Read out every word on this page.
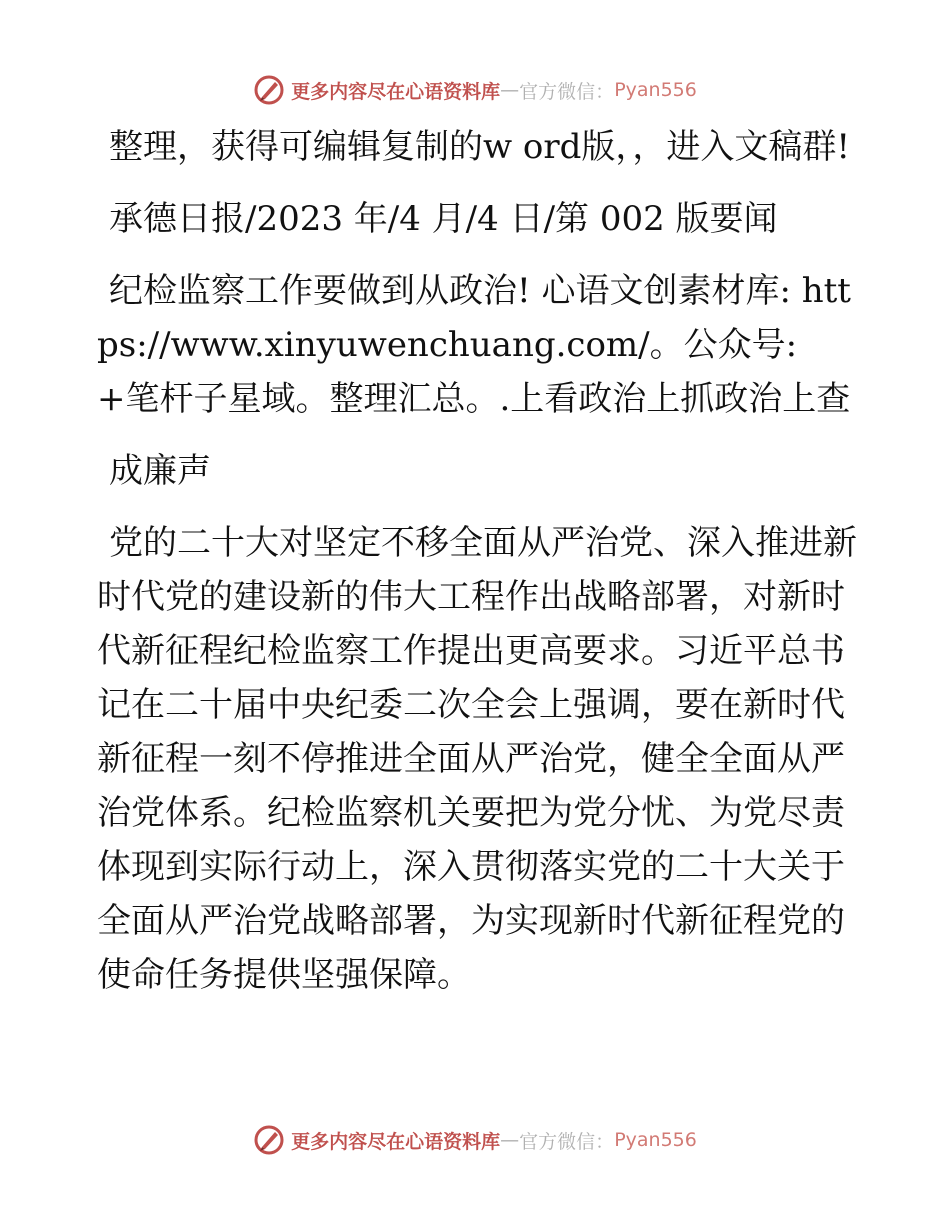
更多内容尽在心语资料库 — 官方微信： Pyan556

整理，获得可编辑复制的w ord版，，进入文稿群!

承德日报/2023 年/4 月/4 日/第 002 版要闻

纪检监察工作要做到从政治! 心语文创素材库: https://www.xinyuwenchuang.com/。公众号: +笔杆子星域。整理汇总。.上看政治上抓政治上查

成廉声

党的二十大对坚定不移全面从严治党、深入推进新时代党的建设新的伟大工程作出战略部署，对新时代新征程纪检监察工作提出更高要求。习近平总书记在二十届中央纪委二次全会上强调，要在新时代新征程一刻不停推进全面从严治党，健全全面从严治党体系。纪检监察机关要把为党分忧、为党尽责体现到实际行动上，深入贯彻落实党的二十大关于全面从严治党战略部署，为实现新时代新征程党的使命任务提供坚强保障。

更多内容尽在心语资料库 — 官方微信： Pyan556
